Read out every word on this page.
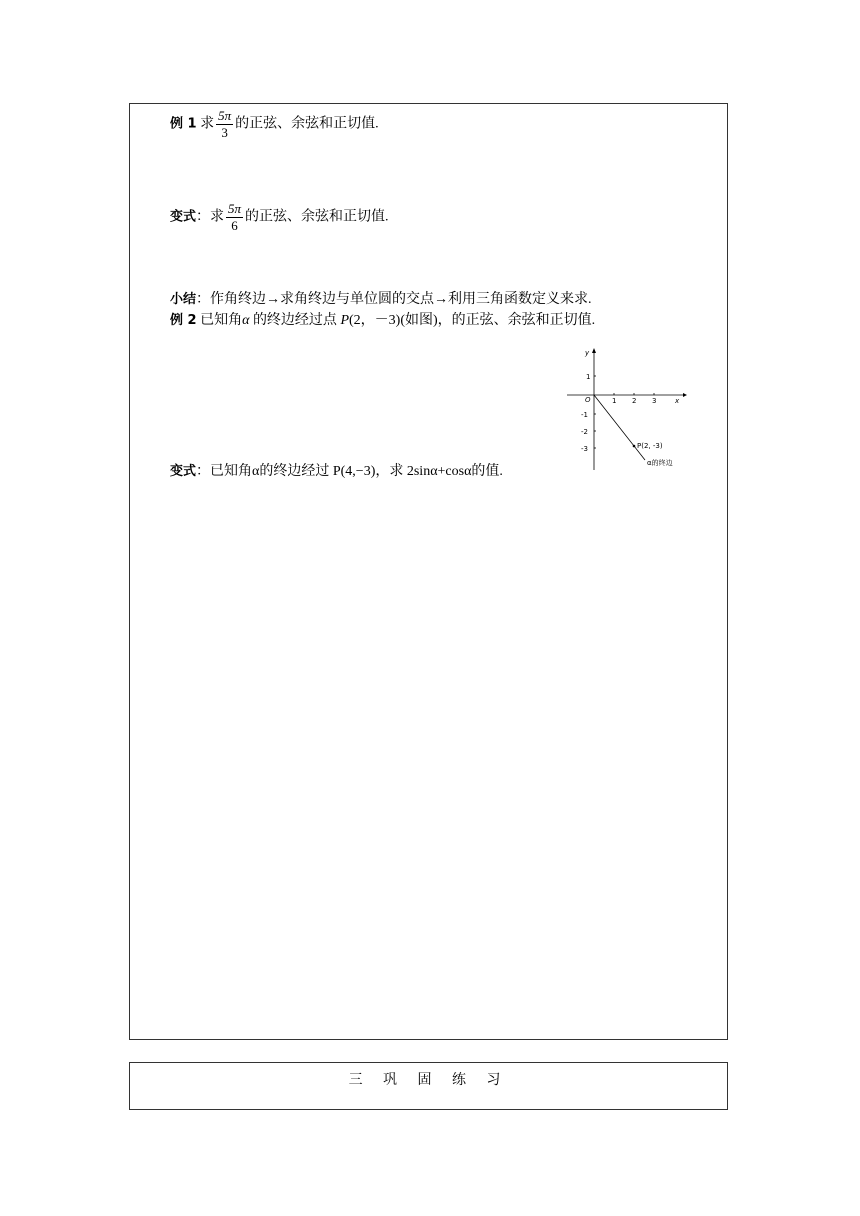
例 1 求 $\frac{5\pi}{3}$ 的正弦、余弦和正切值.
变式：求 $\frac{5\pi}{6}$ 的正弦、余弦和正切值.
小结：作角终边→求角终边与单位圆的交点→利用三角函数定义来求.
例 2 已知角α 的终边经过点 P(2，－3)(如图)，的正弦、余弦和正切值.
y
x
O	1 2 3
1
-1
-2
-3	P(2, -3)
α的终边
变式：已知角α的终边经过 P(4,−3)，求 2sinα+cosα的值.
三 巩 固 练 习
